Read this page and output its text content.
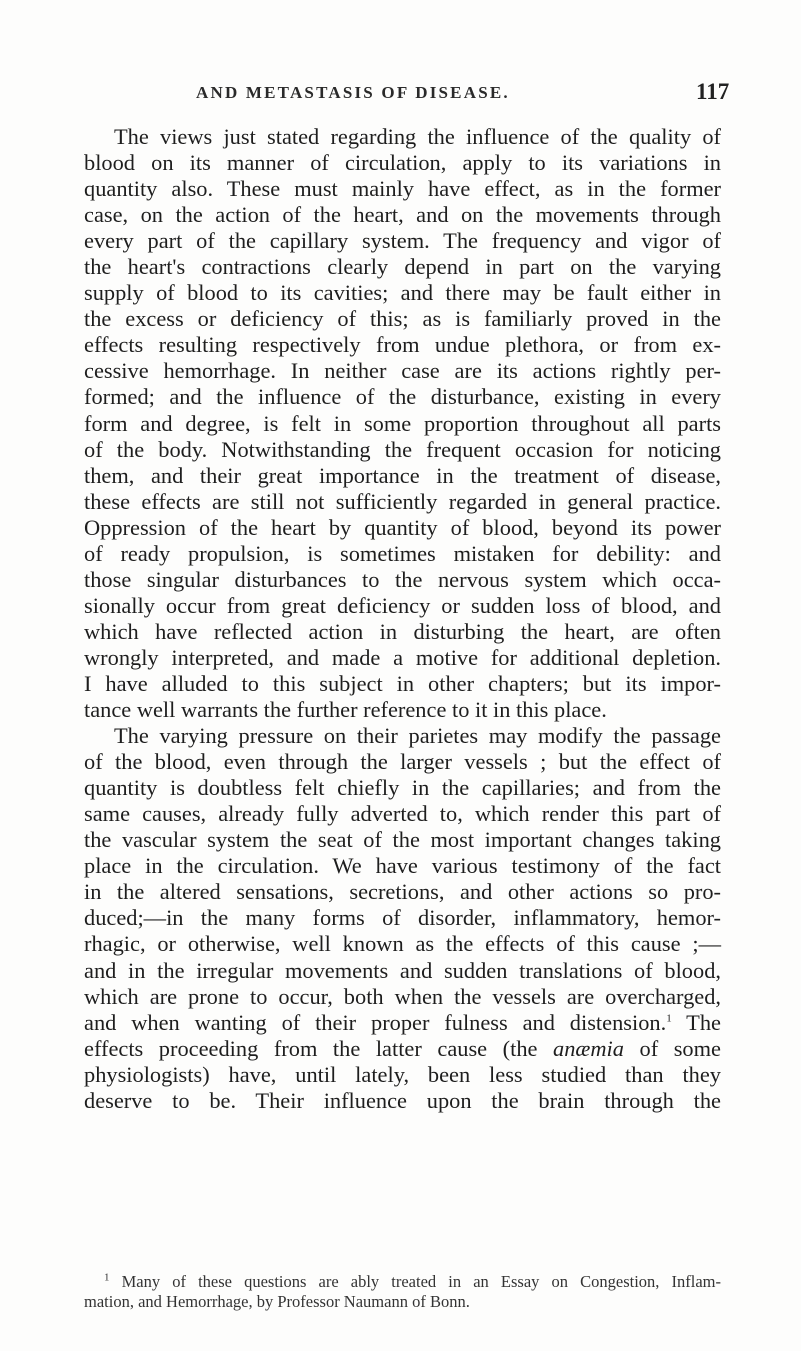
AND METASTASIS OF DISEASE.	117
The views just stated regarding the influence of the quality of
blood on its manner of circulation, apply to its variations in
quantity also. These must mainly have effect, as in the former
case, on the action of the heart, and on the movements through
every part of the capillary system. The frequency and vigor of
the heart's contractions clearly depend in part on the varying
supply of blood to its cavities; and there may be fault either in
the excess or deficiency of this; as is familiarly proved in the
effects resulting respectively from undue plethora, or from ex-
cessive hemorrhage. In neither case are its actions rightly per-
formed; and the influence of the disturbance, existing in every
form and degree, is felt in some proportion throughout all parts
of the body. Notwithstanding the frequent occasion for noticing
them, and their great importance in the treatment of disease,
these effects are still not sufficiently regarded in general practice.
Oppression of the heart by quantity of blood, beyond its power
of ready propulsion, is sometimes mistaken for debility: and
those singular disturbances to the nervous system which occa-
sionally occur from great deficiency or sudden loss of blood, and
which have reflected action in disturbing the heart, are often
wrongly interpreted, and made a motive for additional depletion.
I have alluded to this subject in other chapters; but its impor-
tance well warrants the further reference to it in this place.
The varying pressure on their parietes may modify the passage
of the blood, even through the larger vessels ; but the effect of
quantity is doubtless felt chiefly in the capillaries; and from the
same causes, already fully adverted to, which render this part of
the vascular system the seat of the most important changes taking
place in the circulation. We have various testimony of the fact
in the altered sensations, secretions, and other actions so pro-
duced;—in the many forms of disorder, inflammatory, hemor-
rhagic, or otherwise, well known as the effects of this cause ;—
and in the irregular movements and sudden translations of blood,
which are prone to occur, both when the vessels are overcharged,
and when wanting of their proper fulness and distension.$^1$ The
effects proceeding from the latter cause (the anæmia of some
physiologists) have, until lately, been less studied than they
deserve to be. Their influence upon the brain through the
$^1$ Many of these questions are ably treated in an Essay on Congestion, Inflam-
mation, and Hemorrhage, by Professor Naumann of Bonn.
